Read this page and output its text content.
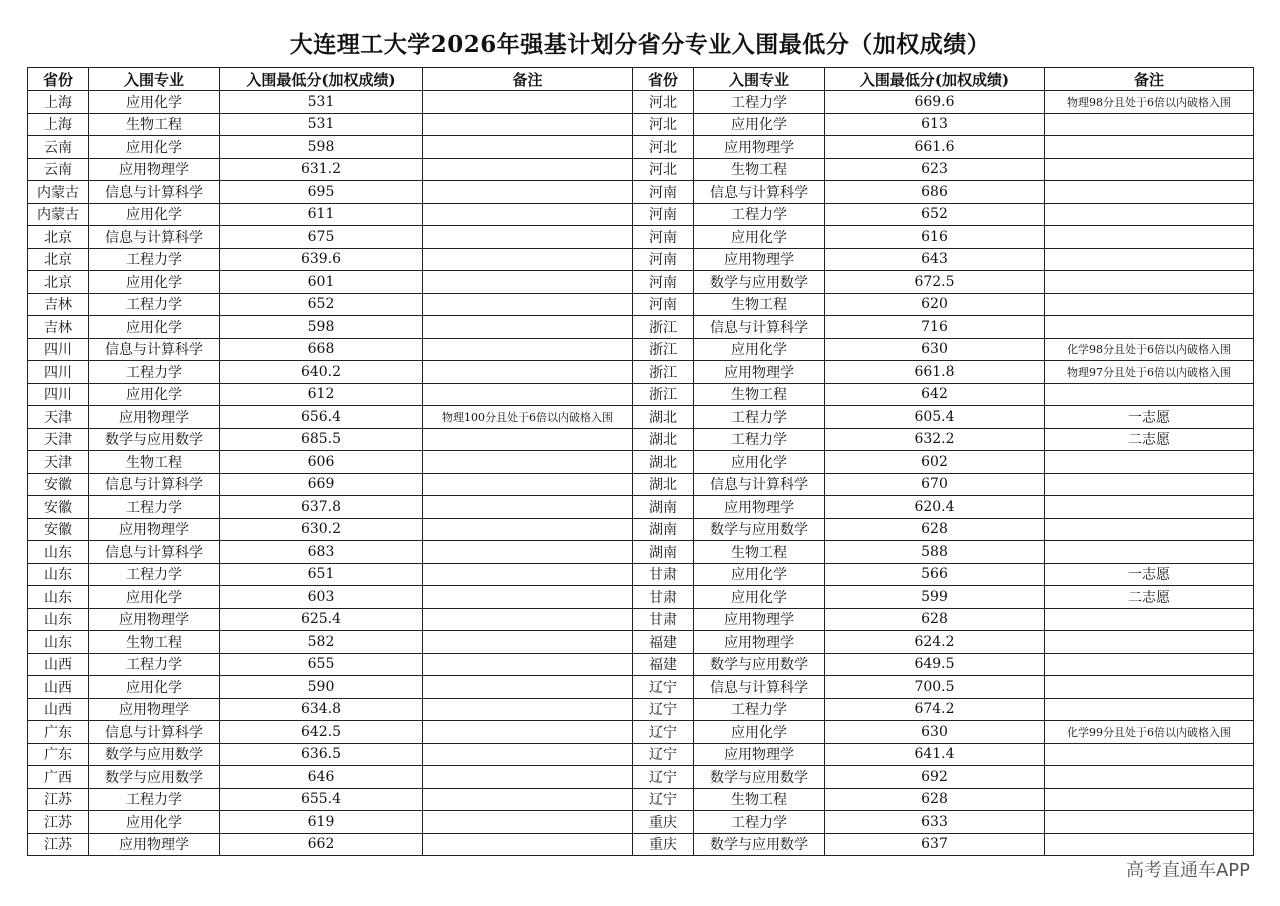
大连理工大学2026年强基计划分省分专业入围最低分（加权成绩）
省份	入围专业	入围最低分(加权成绩)	备注	省份	入围专业	入围最低分(加权成绩)	备注
上海	应用化学	531		河北	工程力学	669.6	物理98分且处于6倍以内破格入围
上海	生物工程	531		河北	应用化学	613	
云南	应用化学	598		河北	应用物理学	661.6	
云南	应用物理学	631.2		河北	生物工程	623	
内蒙古	信息与计算科学	695		河南	信息与计算科学	686	
内蒙古	应用化学	611		河南	工程力学	652	
北京	信息与计算科学	675		河南	应用化学	616	
北京	工程力学	639.6		河南	应用物理学	643	
北京	应用化学	601		河南	数学与应用数学	672.5	
吉林	工程力学	652		河南	生物工程	620	
吉林	应用化学	598		浙江	信息与计算科学	716	
四川	信息与计算科学	668		浙江	应用化学	630	化学98分且处于6倍以内破格入围
四川	工程力学	640.2		浙江	应用物理学	661.8	物理97分且处于6倍以内破格入围
四川	应用化学	612		浙江	生物工程	642	
天津	应用物理学	656.4	物理100分且处于6倍以内破格入围	湖北	工程力学	605.4	一志愿
天津	数学与应用数学	685.5		湖北	工程力学	632.2	二志愿
天津	生物工程	606		湖北	应用化学	602	
安徽	信息与计算科学	669		湖北	信息与计算科学	670	
安徽	工程力学	637.8		湖南	应用物理学	620.4	
安徽	应用物理学	630.2		湖南	数学与应用数学	628	
山东	信息与计算科学	683		湖南	生物工程	588	
山东	工程力学	651		甘肃	应用化学	566	一志愿
山东	应用化学	603		甘肃	应用化学	599	二志愿
山东	应用物理学	625.4		甘肃	应用物理学	628	
山东	生物工程	582		福建	应用物理学	624.2	
山西	工程力学	655		福建	数学与应用数学	649.5	
山西	应用化学	590		辽宁	信息与计算科学	700.5	
山西	应用物理学	634.8		辽宁	工程力学	674.2	
广东	信息与计算科学	642.5		辽宁	应用化学	630	化学99分且处于6倍以内破格入围
广东	数学与应用数学	636.5		辽宁	应用物理学	641.4	
广西	数学与应用数学	646		辽宁	数学与应用数学	692	
江苏	工程力学	655.4		辽宁	生物工程	628	
江苏	应用化学	619		重庆	工程力学	633	
江苏	应用物理学	662		重庆	数学与应用数学	637	
高考直通车APP
